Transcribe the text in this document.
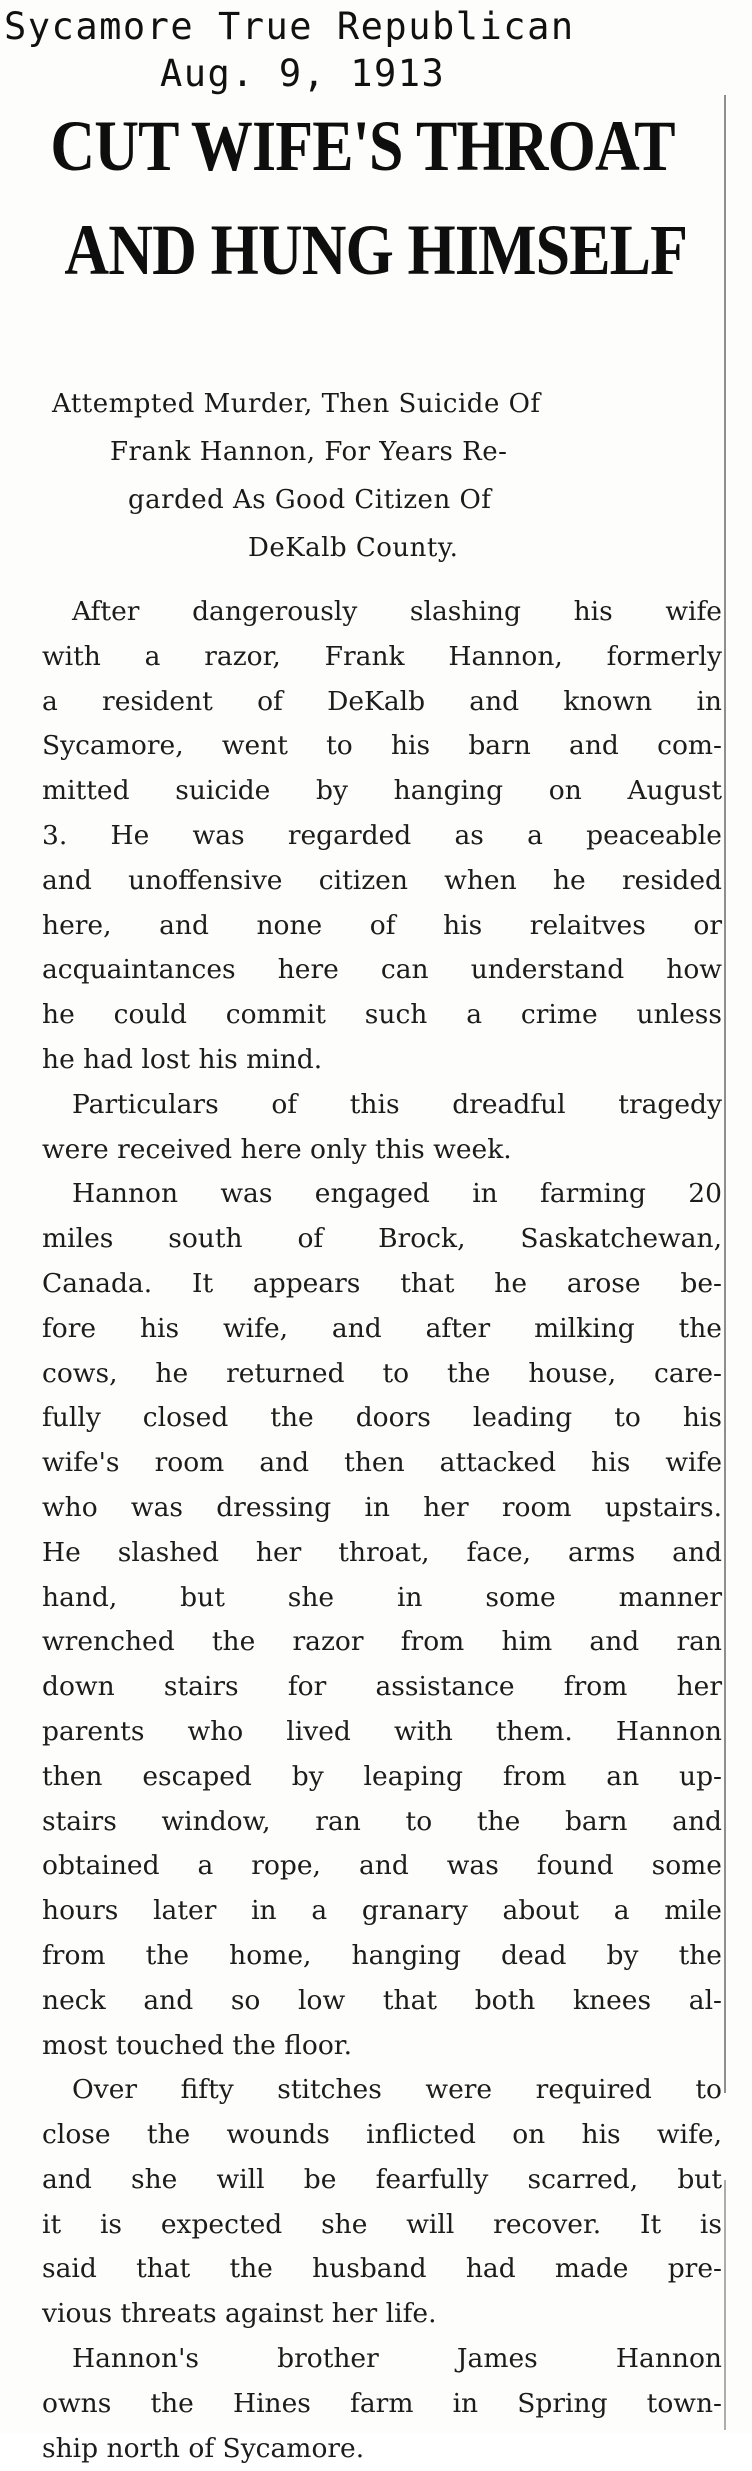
Sycamore True Republican
Aug. 9, 1913
CUT WIFE'S THROAT
AND HUNG HIMSELF
Attempted Murder, Then Suicide Of
Frank Hannon, For Years Re-
garded As Good Citizen Of
DeKalb County.
After dangerously slashing his wife
with a razor, Frank Hannon, formerly
a resident of DeKalb and known in
Sycamore, went to his barn and com-
mitted suicide by hanging on August
3. He was regarded as a peaceable
and unoffensive citizen when he resided
here, and none of his relaitves or
acquaintances here can understand how
he could commit such a crime unless
he had lost his mind.
Particulars of this dreadful tragedy
were received here only this week.
Hannon was engaged in farming 20
miles south of Brock, Saskatchewan,
Canada. It appears that he arose be-
fore his wife, and after milking the
cows, he returned to the house, care-
fully closed the doors leading to his
wife's room and then attacked his wife
who was dressing in her room upstairs.
He slashed her throat, face, arms and
hand, but she in some manner
wrenched the razor from him and ran
down stairs for assistance from her
parents who lived with them. Hannon
then escaped by leaping from an up-
stairs window, ran to the barn and
obtained a rope, and was found some
hours later in a granary about a mile
from the home, hanging dead by the
neck and so low that both knees al-
most touched the floor.
Over fifty stitches were required to
close the wounds inflicted on his wife,
and she will be fearfully scarred, but
it is expected she will recover. It is
said that the husband had made pre-
vious threats against her life.
Hannon's brother James Hannon
owns the Hines farm in Spring town-
ship north of Sycamore.
